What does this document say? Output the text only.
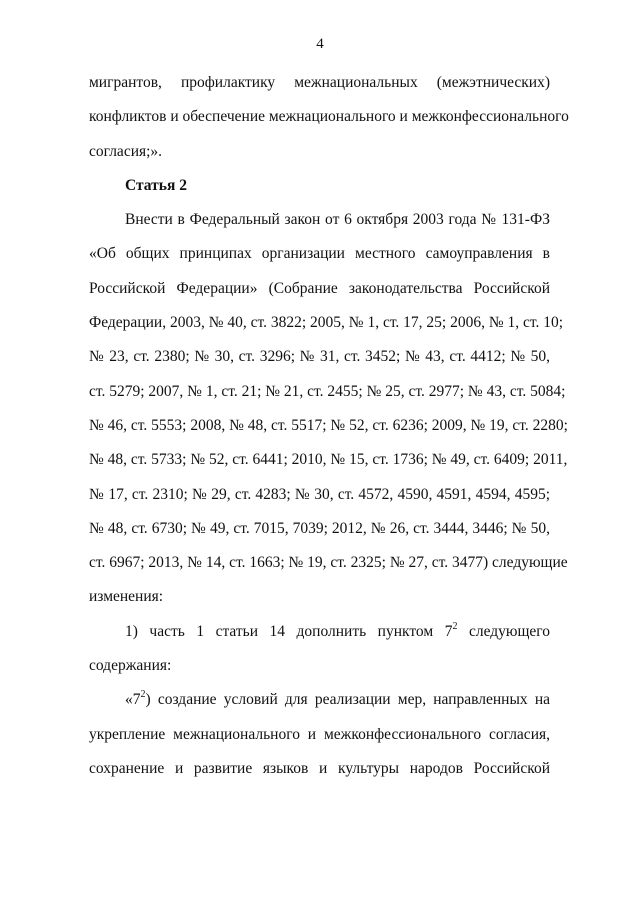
4
мигрантов, профилактику межнациональных (межэтнических)
конфликтов и обеспечение межнационального и межконфессионального
согласия;».
Статья 2
Внести в Федеральный закон от 6 октября 2003 года № 131-ФЗ
«Об общих принципах организации местного самоуправления в
Российской Федерации» (Собрание законодательства Российской
Федерации, 2003, № 40, ст. 3822; 2005, № 1, ст. 17, 25; 2006, № 1, ст. 10;
№ 23, ст. 2380; № 30, ст. 3296; № 31, ст. 3452; № 43, ст. 4412; № 50,
ст. 5279; 2007, № 1, ст. 21; № 21, ст. 2455; № 25, ст. 2977; № 43, ст. 5084;
№ 46, ст. 5553; 2008, № 48, ст. 5517; № 52, ст. 6236; 2009, № 19, ст. 2280;
№ 48, ст. 5733; № 52, ст. 6441; 2010, № 15, ст. 1736; № 49, ст. 6409; 2011,
№ 17, ст. 2310; № 29, ст. 4283; № 30, ст. 4572, 4590, 4591, 4594, 4595;
№ 48, ст. 6730; № 49, ст. 7015, 7039; 2012, № 26, ст. 3444, 3446; № 50,
ст. 6967; 2013, № 14, ст. 1663; № 19, ст. 2325; № 27, ст. 3477) следующие
изменения:
1) часть 1 статьи 14 дополнить пунктом $7^2$ следующего
содержания:
«$7^2$) создание условий для реализации мер, направленных на
укрепление межнационального и межконфессионального согласия,
сохранение и развитие языков и культуры народов Российской
